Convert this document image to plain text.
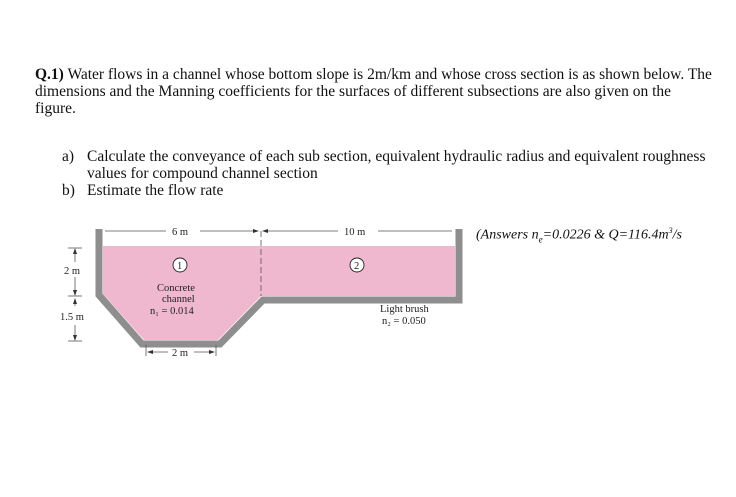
Q.1) Water flows in a channel whose bottom slope is 2m/km and whose cross section is as shown below. The dimensions and the Manning coefficients for the surfaces of different subsections are also given on the figure.
a) Calculate the conveyance of each sub section, equivalent hydraulic radius and equivalent roughness values for compound channel section
b) Estimate the flow rate
(Answers $n_e=0.0226$ & $Q=116.4m^3/s$
6 m	10 m
2 m
1.5 m
2 m
1	2
Concrete
channel
n₁ = 0.014	Light brush
n₂ = 0.050
